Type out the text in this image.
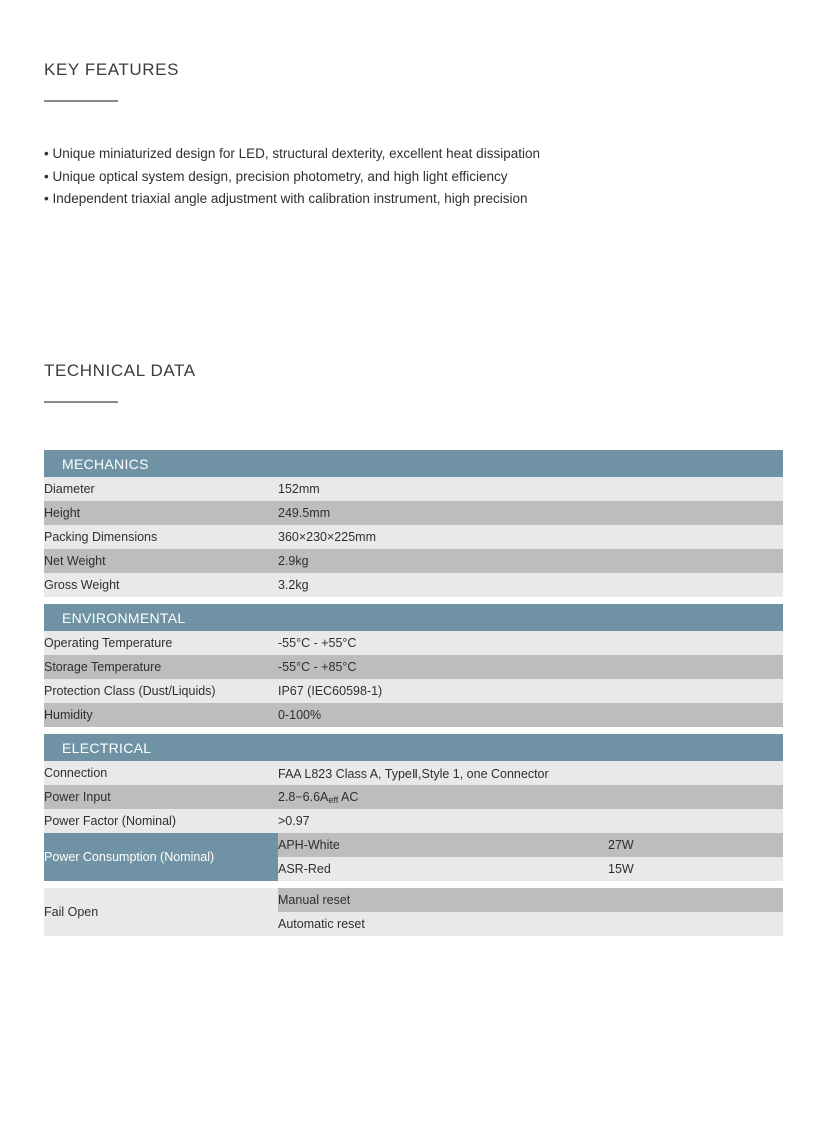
KEY FEATURES
• Unique miniaturized design for LED, structural dexterity, excellent heat dissipation
• Unique optical system design, precision photometry, and high light efficiency
• Independent triaxial angle adjustment with calibration instrument, high precision
TECHNICAL DATA
MECHANICS		
Diameter	152mm	
Height	249.5mm	
Packing Dimensions	360×230×225mm	
Net Weight	2.9kg	
Gross Weight	3.2kg	

ENVIRONMENTAL		
Operating Temperature	-55°C - +55°C	
Storage Temperature	-55°C - +85°C	
Protection Class (Dust/Liquids)	IP67 (IEC60598-1)	
Humidity	0-100%	

ELECTRICAL		
Connection	FAA L823 Class A, TypeⅡ,Style 1, one Connector	
Power Input	$2.8-6.6A_{eff}$ AC	
Power Factor (Nominal)	>0.97	
Power Consumption (Nominal)	APH-White	27W
	ASR-Red	15W

Fail Open	Manual reset	
	Automatic reset	
